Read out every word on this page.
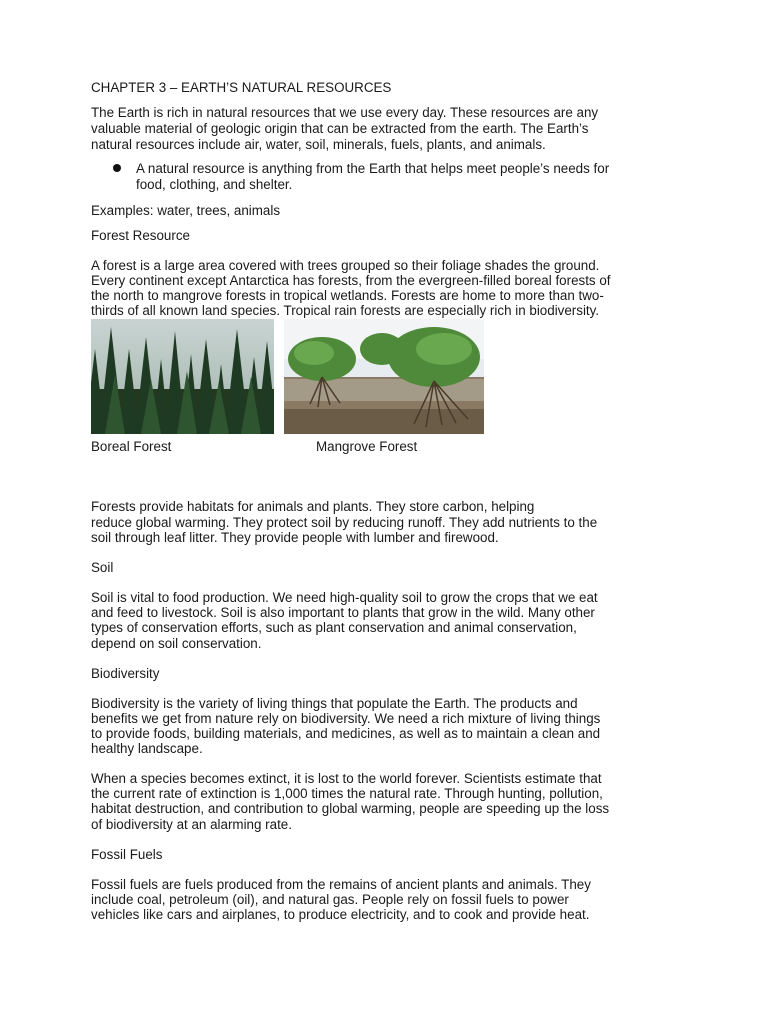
CHAPTER 3 – EARTH’S NATURAL RESOURCES
The Earth is rich in natural resources that we use every day. These resources are any
valuable material of geologic origin that can be extracted from the earth. The Earth’s
natural resources include air, water, soil, minerals, fuels, plants, and animals.
A natural resource is anything from the Earth that helps meet people’s needs for
food, clothing, and shelter.
Examples: water, trees, animals
Forest Resource
A forest is a large area covered with trees grouped so their foliage shades the ground.
Every continent except Antarctica has forests, from the evergreen-filled boreal forests of
the north to mangrove forests in tropical wetlands. Forests are home to more than two-
thirds of all known land species. Tropical rain forests are especially rich in biodiversity.
Boreal Forest	Mangrove Forest
Forests provide habitats for animals and plants. They store carbon, helping
reduce global warming. They protect soil by reducing runoff. They add nutrients to the
soil through leaf litter. They provide people with lumber and firewood.
Soil
Soil is vital to food production. We need high-quality soil to grow the crops that we eat
and feed to livestock. Soil is also important to plants that grow in the wild. Many other
types of conservation efforts, such as plant conservation and animal conservation,
depend on soil conservation.
Biodiversity
Biodiversity is the variety of living things that populate the Earth. The products and
benefits we get from nature rely on biodiversity. We need a rich mixture of living things
to provide foods, building materials, and medicines, as well as to maintain a clean and
healthy landscape.
When a species becomes extinct, it is lost to the world forever. Scientists estimate that
the current rate of extinction is 1,000 times the natural rate. Through hunting, pollution,
habitat destruction, and contribution to global warming, people are speeding up the loss
of biodiversity at an alarming rate.
Fossil Fuels
Fossil fuels are fuels produced from the remains of ancient plants and animals. They
include coal, petroleum (oil), and natural gas. People rely on fossil fuels to power
vehicles like cars and airplanes, to produce electricity, and to cook and provide heat.
